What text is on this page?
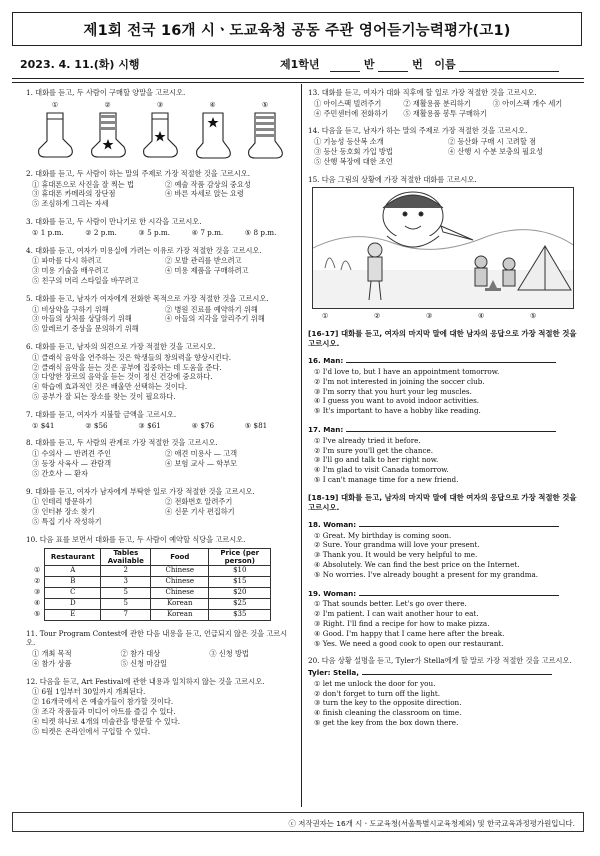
제1회 전국 16개 시ㆍ도교육청 공동 주관 영어듣기능력평가(고1)
2023. 4. 11.(화) 시행	제1학년	반	번 이름
1. 대화를 듣고, 두 사람이 구매할 양말을 고르시오.
①	②	③	④	⑤
2. 대화를 듣고, 두 사람이 하는 말의 주제로 가장 적절한 것을 고르시오.
① 휴대폰으로 사진을 잘 찍는 법	② 예술 작품 감상의 중요성
③ 휴대폰 카메라의 장단점	④ 바른 자세로 앉는 요령
⑤ 조심하게 그리는 자세
3. 대화를 듣고, 두 사람이 만나기로 한 시각을 고르시오.
① 1 p.m.	② 2 p.m.	③ 5 p.m.	④ 7 p.m.	⑤ 8 p.m.
4. 대화를 듣고, 여자가 미용실에 가려는 이유로 가장 적절한 것을 고르시오.
① 파마를 다시 하려고	② 모발 관리를 받으려고
③ 미용 기술을 배우려고	④ 미용 제품을 구매하려고
⑤ 친구의 머리 스타일을 바꾸려고
5. 대화를 듣고, 남자가 여자에게 전화한 목적으로 가장 적절한 것을 고르시오.
① 비상약을 구하기 위해	② 병원 진료를 예약하기 위해
③ 아들의 상처를 상담하기 위해	④ 아들의 지각을 알리주기 위해
⑤ 알레르기 증상을 문의하기 위해
6. 대화를 듣고, 남자의 의견으로 가장 적절한 것을 고르시오.
① 클래식 음악을 연주하는 것은 학생들의 창의력을 향상시킨다.
② 클래식 음악을 듣는 것은 공부에 집중하는 데 도움을 준다.
③ 다양한 장르의 음악을 듣는 것이 정신 건강에 중요하다.
④ 학습에 효과적인 것은 배울만 선택하는 것이다.
⑤ 공부가 잘 되는 장소를 찾는 것이 필요하다.
7. 대화를 듣고, 여자가 지불할 금액을 고르시오.
① $41	② $56	③ $61	④ $76	⑤ $81
8. 대화를 듣고, 두 사람의 관계로 가장 적절한 것을 고르시오.
① 수의사 — 반려견 주인	② 애견 미용사 — 고객
③ 등장 사육사 — 관람객	④ 보험 교사 — 학부모
⑤ 간호사 — 환자
9. 대화를 듣고, 여자가 남자에게 부탁한 일로 가장 적절한 것을 고르시오.
① 인테리 방문하기	② 전화번호 알려주기
③ 인터뷰 장소 찾기	④ 신문 기사 편집하기
⑤ 특집 기사 작성하기
10. 다음 표를 보면서 대화를 듣고, 두 사람이 예약할 식당을 고르시오.
	Restaurant	Tables Available	Food	Price (per person)
①	A	2	Chinese	$10
②	B	3	Chinese	$15
③	C	5	Chinese	$20
④	D	5	Korean	$25
⑤	E	7	Korean	$35
11. Tour Program Contest에 관한 다음 내용을 듣고, 언급되지 않은 것을 고르시오.
① 개최 목적	② 참가 대상	③ 신청 방법
④ 참가 상품	⑤ 신청 마감일
12. 다음을 듣고, Art Festival에 관한 내용과 일치하지 않는 것을 고르시오.
① 6월 1일부터 30일까지 개최된다.
② 16개국에서 온 예술가들이 참가할 것이다.
③ 조각 작품들과 미디어 아트를 즐길 수 있다.
④ 티켓 하나로 4개의 미술관을 방문할 수 있다.
⑤ 티켓은 온라인에서 구입할 수 있다.
13. 대화를 듣고, 여자가 대화 직후에 할 일로 가장 적절한 것을 고르시오.
① 아이스팩 빌려주기	② 재활용품 분리하기	③ 아이스팩 개수 세기
④ 주민센터에 전화하기	⑤ 재활용품 봉투 구매하기
14. 다음을 듣고, 남자가 하는 말의 주제로 가장 적절한 것을 고르시오.
① 기능성 등산복 소개	② 등산화 구매 시 고려할 점
③ 등산 동호회 가입 방법	④ 산행 시 수분 보충의 필요성
⑤ 산행 복장에 대한 조언
15. 다음 그림의 상황에 가장 적절한 대화를 고르시오.
①	②	③	④	⑤
[16-17] 대화를 듣고, 여자의 마지막 말에 대한 남자의 응답으로 가장 적절한 것을 고르시오.
16. Man:
① I'd love to, but I have an appointment tomorrow.
② I'm not interested in joining the soccer club.
③ I'm sorry that you hurt your leg muscles.
④ I guess you want to avoid indoor activities.
⑤ It's important to have a hobby like reading.
17. Man:
① I've already tried it before.
② I'm sure you'll get the chance.
③ I'll go and talk to her right now.
④ I'm glad to visit Canada tomorrow.
⑤ I can't manage time for a new friend.
[18-19] 대화를 듣고, 남자의 마지막 말에 대한 여자의 응답으로 가장 적절한 것을 고르시오.
18. Woman:
① Great. My birthday is coming soon.
② Sure. Your grandma will love your present.
③ Thank you. It would be very helpful to me.
④ Absolutely. We can find the best price on the Internet.
⑤ No worries. I've already bought a present for my grandma.
19. Woman:
① That sounds better. Let's go over there.
② I'm patient. I can wait another hour to eat.
③ Right. I'll find a recipe for how to make pizza.
④ Good. I'm happy that I came here after the break.
⑤ Yes. We need a good cook to open our restaurant.
20. 다음 상황 설명을 듣고, Tyler가 Stella에게 할 말로 가장 적절한 것을 고르시오.
Tyler: Stella,
① let me unlock the door for you.
② don't forget to turn off the light.
③ turn the key to the opposite direction.
④ finish cleaning the classroom on time.
⑤ get the key from the box down there.
ⓒ 저작권자는 16개 시ㆍ도교육청(서울특별시교육청제외) 및 한국교육과정평가원입니다.
